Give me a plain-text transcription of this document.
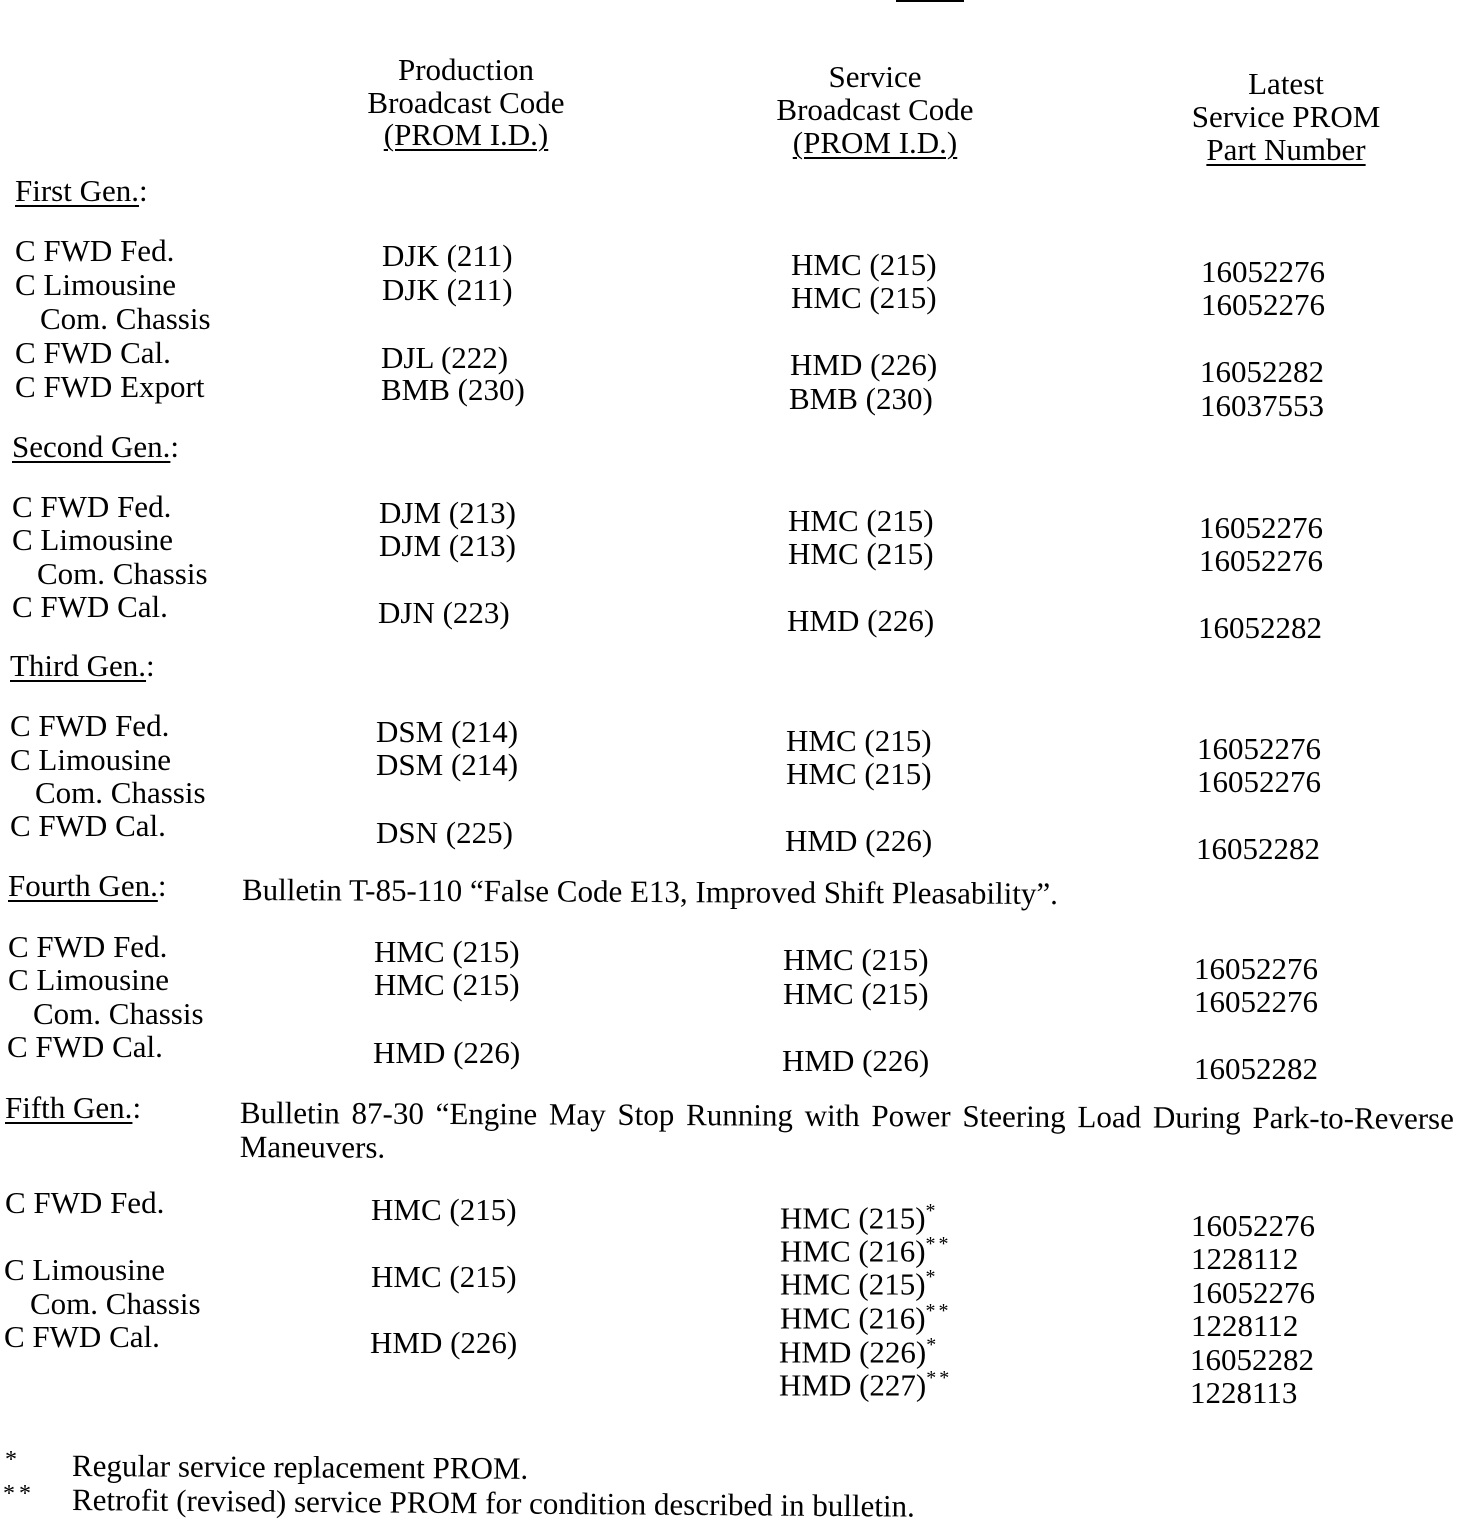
Production
Broadcast Code
(PROM I.D.)
Service
Broadcast Code
(PROM I.D.)
Latest
Service PROM
Part Number
First Gen.:
C FWD Fed.
C Limousine
Com. Chassis
C FWD Cal.
C FWD Export
DJK (211)
DJK (211)
DJL (222)
BMB (230)
HMC (215)
HMC (215)
HMD (226)
BMB (230)
16052276
16052276
16052282
16037553
Second Gen.:
C FWD Fed.
C Limousine
Com. Chassis
C FWD Cal.
DJM (213)
DJM (213)
DJN (223)
HMC (215)
HMC (215)
HMD (226)
16052276
16052276
16052282
Third Gen.:
C FWD Fed.
C Limousine
Com. Chassis
C FWD Cal.
DSM (214)
DSM (214)
DSN (225)
HMC (215)
HMC (215)
HMD (226)
16052276
16052276
16052282
Fourth Gen.: Bulletin T-85-110 “False Code E13, Improved Shift Pleasability”.
C FWD Fed.
C Limousine
Com. Chassis
C FWD Cal.
HMC (215)
HMC (215)
HMD (226)
HMC (215)
HMC (215)
HMD (226)
16052276
16052276
16052282
Fifth Gen.:	Bulletin 87-30 “Engine May Stop Running with Power Steering Load During Park-to-Reverse Maneuvers.
C FWD Fed.
C Limousine
Com. Chassis
C FWD Cal.
HMC (215)
HMC (215)
HMD (226)
HMC (215)*
HMC (216)**
HMC (215)*
HMC (216)**
HMD (226)*
HMD (227)**
16052276
1228112
16052276
1228112
16052282
1228113
* Regular service replacement PROM.
** Retrofit (revised) service PROM for condition described in bulletin.
